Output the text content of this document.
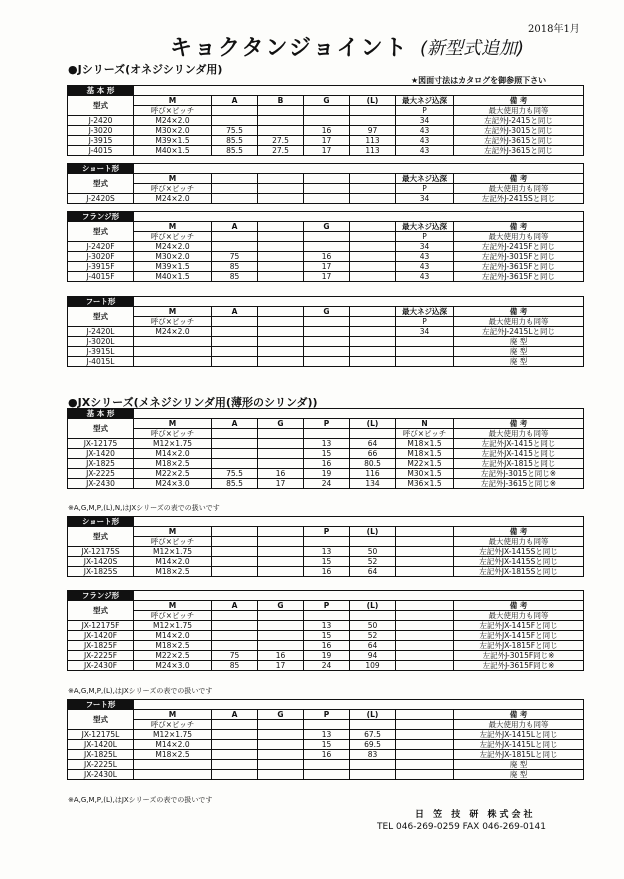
2018年1月
キョクタンジョイント (新型式追加)
●Jシリーズ(オネジシリンダ用)
★図面寸法はカタログを御参照下さい
基 本 形							
型式	M	A	B	G	(L)	最大ネジ込深	備 考
	呼び×ピッチ					P	最大使用力も同等
J-2420	M24×2.0					34	左記外J-2415と同じ
J-3020	M30×2.0	75.5		16	97	43	左記外J-3015と同じ
J-3915	M39×1.5	85.5	27.5	17	113	43	左記外J-3615と同じ
J-4015	M40×1.5	85.5	27.5	17	113	43	左記外J-3615と同じ
ショート形							
型式	M					最大ネジ込深	備 考
	呼び×ピッチ					P	最大使用力も同等
J-2420S	M24×2.0					34	左記外J-2415Sと同じ
フランジ形							
型式	M	A		G		最大ネジ込深	備 考
	呼び×ピッチ					P	最大使用力も同等
J-2420F	M24×2.0					34	左記外J-2415Fと同じ
J-3020F	M30×2.0	75		16		43	左記外J-3015Fと同じ
J-3915F	M39×1.5	85		17		43	左記外J-3615Fと同じ
J-4015F	M40×1.5	85		17		43	左記外J-3615Fと同じ
フート形							
型式	M	A		G		最大ネジ込深	備 考
	呼び×ピッチ					P	最大使用力も同等
J-2420L	M24×2.0					34	左記外J-2415Lと同じ
J-3020L							廃 型
J-3915L							廃 型
J-4015L							廃 型
●JXシリーズ(メネジシリンダ用(薄形のシリンダ))
基 本 形							
型式	M	A	G	P	(L)	N	備 考
	呼び×ピッチ					呼び×ピッチ	最大使用力も同等
JX-12175	M12×1.75			13	64	M18×1.5	左記外JX-1415と同じ
JX-1420	M14×2.0			15	66	M18×1.5	左記外JX-1415と同じ
JX-1825	M18×2.5			16	80.5	M22×1.5	左記外JX-1815と同じ
JX-2225	M22×2.5	75.5	16	19	116	M30×1.5	左記外J-3015と同じ※
JX-2430	M24×3.0	85.5	17	24	134	M36×1.5	左記外J-3615と同じ※
※A,G,M,P,(L),N,はJXシリーズの表での扱いです
ショート形							
型式	M			P	(L)		備 考
	呼び×ピッチ						最大使用力も同等
JX-12175S	M12×1.75			13	50		左記外JX-1415Sと同じ
JX-1420S	M14×2.0			15	52		左記外JX-1415Sと同じ
JX-1825S	M18×2.5			16	64		左記外JX-1815Sと同じ
フランジ形							
型式	M	A	G	P	(L)		備 考
	呼び×ピッチ						最大使用力も同等
JX-12175F	M12×1.75			13	50		左記外JX-1415Fと同じ
JX-1420F	M14×2.0			15	52		左記外JX-1415Fと同じ
JX-1825F	M18×2.5			16	64		左記外JX-1815Fと同じ
JX-2225F	M22×2.5	75	16	19	94		左記外J-3015F同じ※
JX-2430F	M24×3.0	85	17	24	109		左記外J-3615F同じ※
※A,G,M,P,(L),はJXシリーズの表での扱いです
フート形							
型式	M	A	G	P	(L)		備 考
	呼び×ピッチ						最大使用力も同等
JX-12175L	M12×1.75			13	67.5		左記外JX-1415Lと同じ
JX-1420L	M14×2.0			15	69.5		左記外JX-1415Lと同じ
JX-1825L	M18×2.5			16	83		左記外JX-1815Lと同じ
JX-2225L							廃 型
JX-2430L							廃 型
※A,G,M,P,(L),はJXシリーズの表での扱いです
日 笠 技 研 株式会社
TEL 046-269-0259 FAX 046-269-0141
